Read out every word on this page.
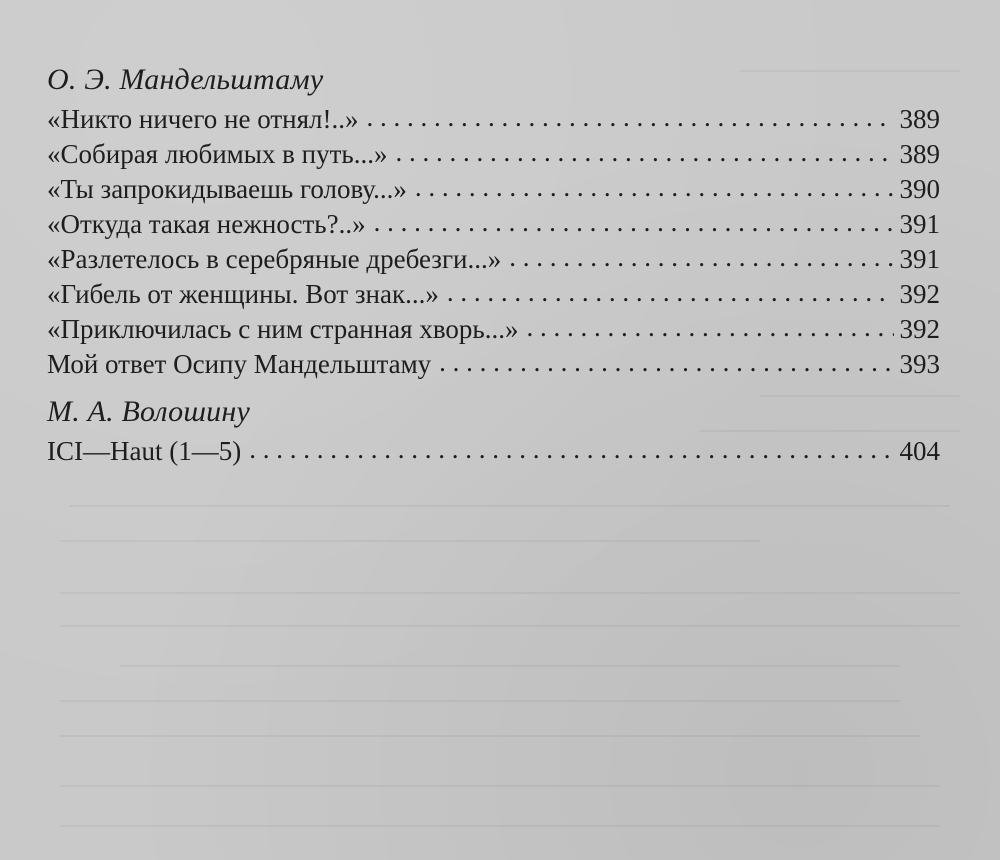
О. Э. Мандельштаму
«Никто ничего не отнял!..» . . .	389
«Собирая любимых в путь...» . . .	389
«Ты запрокидываешь голову...» . . .	390
«Откуда такая нежность?..» . . .	391
«Разлетелось в серебряные дребезги...» . . .	391
«Гибель от женщины. Вот знак...» . . .	392
«Приключилась с ним странная хворь...» . . .	392
Мой ответ Осипу Мандельштаму . . .	393
М. А. Волошину
ICI—Haut (1—5) . . .	404
